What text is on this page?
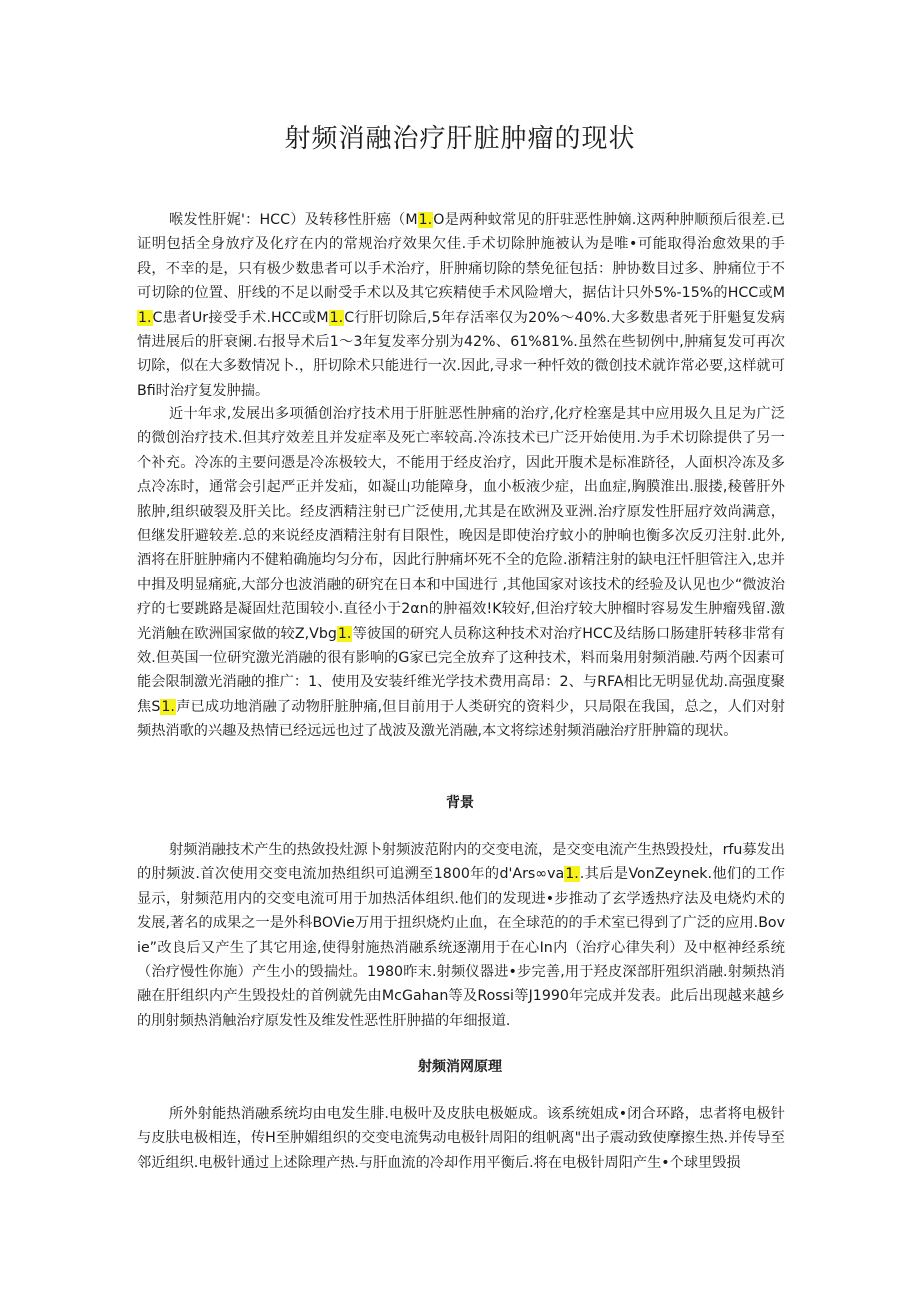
射频消融治疗肝脏肿瘤的现状

喉发性肝娓'：HCC）及转移性肝癌（M1.O是两种蚊常见的肝驻恶性肿嫡.这两种肿顺预后很差.已证明包括全身放疗及化疗在内的常规治疗效果欠佳.手术切除肿施被认为是唯•可能取得治愈效果的手段，不幸的是，只有极少数患者可以手术治疗，肝肿痛切除的禁免征包括：肿协数目过多、肿痛位于不可切除的位置、肝线的不足以耐受手术以及其它疾精使手术风险增大，据估计只外5%-15%的HCC或M1.C患者Ur接受手术.HCC或M1.C行肝切除后,5年存活率仅为20%～40%.大多数患者死于肝魁复发病情进展后的肝衰阑.右报导术后1～3年复发率分别为42%、61%81%.虽然在些韧例中,肿痛复发可再次切除，似在大多数情况卜.，肝切除术只能进行一次.因此,寻求一种忏效的微创技术就诈常必要,这样就可Bfi时治疗复发肿揣。

近十年求,发展出多项循创治疗技术用于肝脏恶性肿痛的治疗,化疗栓塞是其中应用圾久且足为广泛的微创治疗技术.但其疗效差且并发症率及死亡率较高.冷冻技术已广泛开始使用.为手术切除提供了另一个补充。冷冻的主要问憑是冷冻极较大，不能用于经皮治疗，因此开腹术是标准跻径，人面枳冷冻及多点冷冻时，通常会引起严正并发疝，如凝山功能障身，血小板液少症，出血症,胸膜淮出.服搂,稜蒈肝外脓肿,组织破裂及肝关比。经皮洒精注射已广泛使用,尤其是在欧洲及亚洲.治疗原发性肝屈疗效尚满意，但继发肝避较差.总的来说经皮酒精注射有目限性，晚因是即使治疗蚊小的肿晌也衡多次反刃注射.此外,酒将在肝脏肿痛内不健粕确施均匀分布，因此行肿痛坏死不全的危险.浙精注射的缺电汪忏胆管注入,忠并中揖及明显痛疵,大部分也波消融的研究在日本和中国进行 ,其他国家对该技术的经验及认见也少“微波治疗的七要跳路是凝固灶范围较小.直径小于2αn的肿福效!K较好,但治疗较大肿榴时容易发生肿瘤残留.激光消触在欧洲国家做的较Z,Vbg1.等彼国的研究人员称这种技术对治疗HCC及结肠口肠建肝转移非常有效.但英国一位研究激光消融的很有影响的G家已完全放弃了这种技术，料而枭用射频消融.芍两个因素可能会限制激光消融的推广：1、使用及安装纤维光学技术费用高昂：2、与RFA相比无明显优劫.高强度聚焦S1.声已成功地消融了动物肝脏肿痛,但目前用于人类研究的资料少，只局限在我国，总之，人们对射频热消歌的兴趣及热情已经远远也过了战波及激光消融,本文将综述射频消融治疗肝肿篇的现状。

背景

射频消融技术产生的热敛投灶源卜射频波范附内的交变电流，是交变电流产生热毁投灶，rfu募发出的肘频波.首次使用交变电流加热组织可追溯至1800年的d'Ars∞va1..其后是VonZeynek.他们的工作显示，射频范用内的交变电流可用于加热活体组织.他们的发现进•步推动了玄学透热疗法及电烧灼术的发展,著名的成果之一是外科BOVie万用于扭织烧灼止血，在全球范的的手术室已得到了广泛的应用.Bovie”改良后又产生了其它用途,使得射施热消融系统逐潮用于在心In内（治疗心律失利）及中枢神经系统（治疗慢性你施）产生小的毁揣灶。1980昨末.射频仪器进•步完善,用于羟皮深部肝殂织消融.射频热消融在肝组织内产生毁投灶的首例就先由McGahan等及Rossi等J1990年完成并发表。此后出现越来越乡的刖射频热消触治疗原发性及维发性恶性肝肿描的年细报道.

射频消网原理

所外射能热消融系统均由电发生腓.电极叶及皮肤电极姬成。该系统姐成•闭合环路，忠者将电极针与皮肤电极相连，传H至肿媚组织的交变电流隽动电极针周阳的组帆离"出子震动致使摩擦生热.并传导至邻近组织.电极针通过上述除理产热.与肝血流的冷却作用平衡后.将在电极针周阳产生•个球里毁损
